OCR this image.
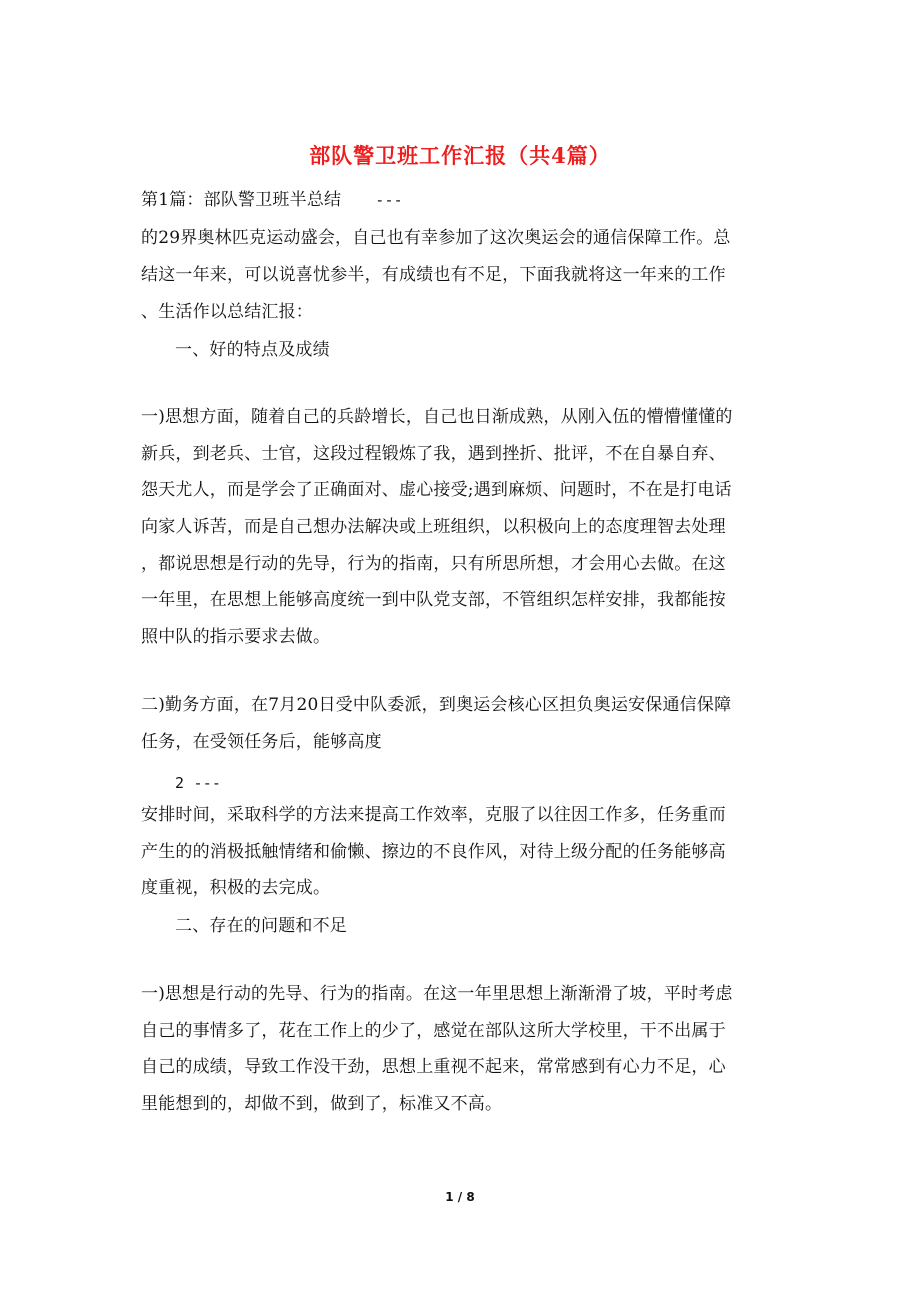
部队警卫班工作汇报（共4篇）
第1篇：部队警卫班半总结 ---
的29界奥林匹克运动盛会，自己也有幸参加了这次奥运会的通信保障工作。总
结这一年来，可以说喜忧参半，有成绩也有不足，下面我就将这一年来的工作
、生活作以总结汇报：
一、好的特点及成绩
一)思想方面，随着自己的兵龄增长，自己也日渐成熟，从刚入伍的懵懵懂懂的
新兵，到老兵、士官，这段过程锻炼了我，遇到挫折、批评，不在自暴自弃、
怨天尤人，而是学会了正确面对、虚心接受;遇到麻烦、问题时，不在是打电话
向家人诉苦，而是自己想办法解决或上班组织，以积极向上的态度理智去处理
，都说思想是行动的先导，行为的指南，只有所思所想，才会用心去做。在这
一年里，在思想上能够高度统一到中队党支部，不管组织怎样安排，我都能按
照中队的指示要求去做。
二)勤务方面，在7月20日受中队委派，到奥运会核心区担负奥运安保通信保障
任务，在受领任务后，能够高度
2 ---
安排时间，采取科学的方法来提高工作效率，克服了以往因工作多，任务重而
产生的的消极抵触情绪和偷懒、擦边的不良作风，对待上级分配的任务能够高
度重视，积极的去完成。
二、存在的问题和不足
一)思想是行动的先导、行为的指南。在这一年里思想上渐渐滑了坡，平时考虑
自己的事情多了，花在工作上的少了，感觉在部队这所大学校里，干不出属于
自己的成绩，导致工作没干劲，思想上重视不起来，常常感到有心力不足，心
里能想到的，却做不到，做到了，标准又不高。
1 / 8
